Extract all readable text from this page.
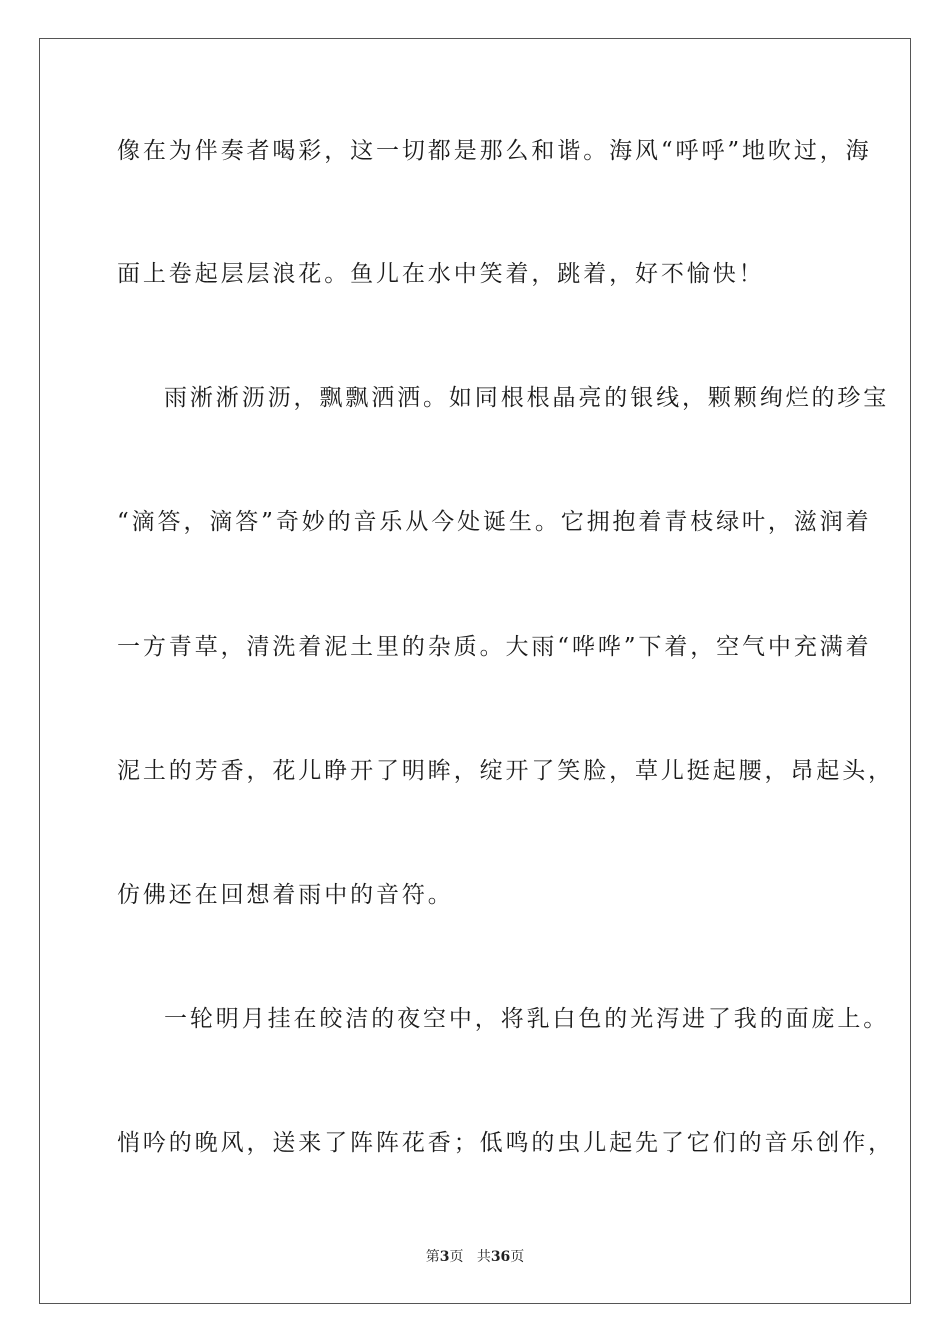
像在为伴奏者喝彩，这一切都是那么和谐。海风“呼呼”地吹过，海
面上卷起层层浪花。鱼儿在水中笑着，跳着，好不愉快！
雨淅淅沥沥，飘飘洒洒。如同根根晶亮的银线，颗颗绚烂的珍宝
“滴答，滴答”奇妙的音乐从今处诞生。它拥抱着青枝绿叶，滋润着
一方青草，清洗着泥土里的杂质。大雨“哗哗”下着，空气中充满着
泥土的芳香，花儿睁开了明眸，绽开了笑脸，草儿挺起腰，昂起头，
仿佛还在回想着雨中的音符。
一轮明月挂在皎洁的夜空中，将乳白色的光泻进了我的面庞上。
悄吟的晚风，送来了阵阵花香；低鸣的虫儿起先了它们的音乐创作，
第3页 共36页
